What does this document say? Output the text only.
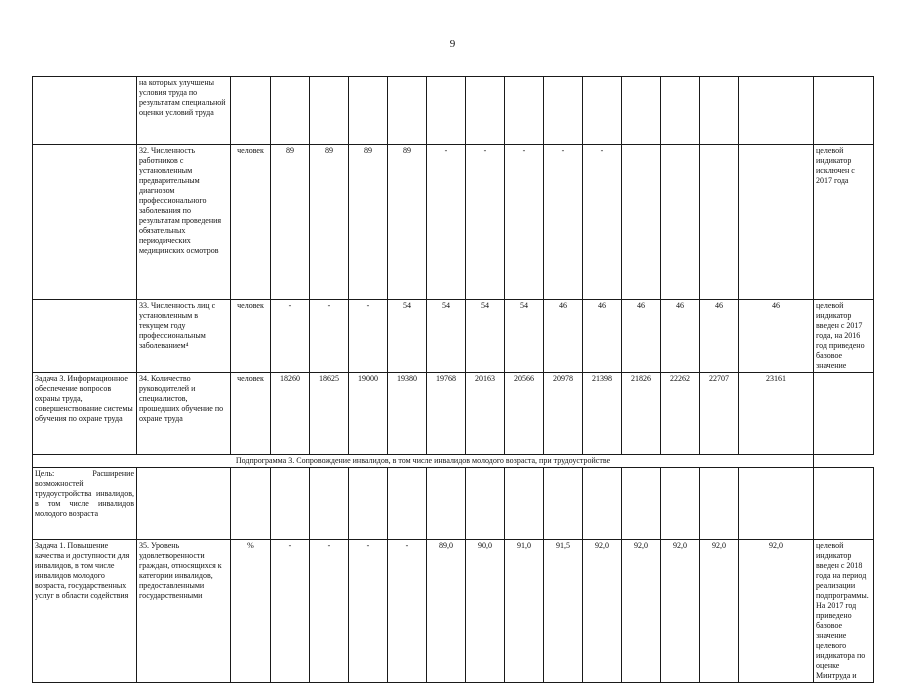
9
	на которых улучшены условия труда по результатам специальной оценки условий труда															
	32. Численность работников с установленным предварительным диагнозом профессионального заболевания по результатам проведения обязательных периодических медицинских осмотров	человек	89	89	89	89	-	-	-	-	-					целевой индикатор исключен с 2017 года
	33. Численность лиц с установленным в текущем году профессиональным заболеванием⁴	человек	-	-	-	54	54	54	54	46	46	46	46	46	46	целевой индикатор введен с 2017 года, на 2016 год приведено базовое значение
Задача 3. Информационное обеспечение вопросов охраны труда, совершенствование системы обучения по охране труда	34. Количество руководителей и специалистов, прошедших обучение по охране труда	человек	18260	18625	19000	19380	19768	20163	20566	20978	21398	21826	22262	22707	23161	
Подпрограмма 3. Сопровождение инвалидов, в том числе инвалидов молодого возраста, при трудоустройстве																
Цель: Расширение возможностей трудоустройства инвалидов, в том числе инвалидов молодого возраста																
Задача 1. Повышение качества и доступности для инвалидов, в том числе инвалидов молодого возраста, государственных услуг в области содействия	35. Уровень удовлетворенности граждан, относящихся к категории инвалидов, предоставленными государственными	%	-	-	-	-	89,0	90,0	91,0	91,5	92,0	92,0	92,0	92,0	92,0	целевой индикатор введен с 2018 года на период реализации подпрограммы. На 2017 год приведено базовое значение целевого индикатора по оценке Минтруда и
